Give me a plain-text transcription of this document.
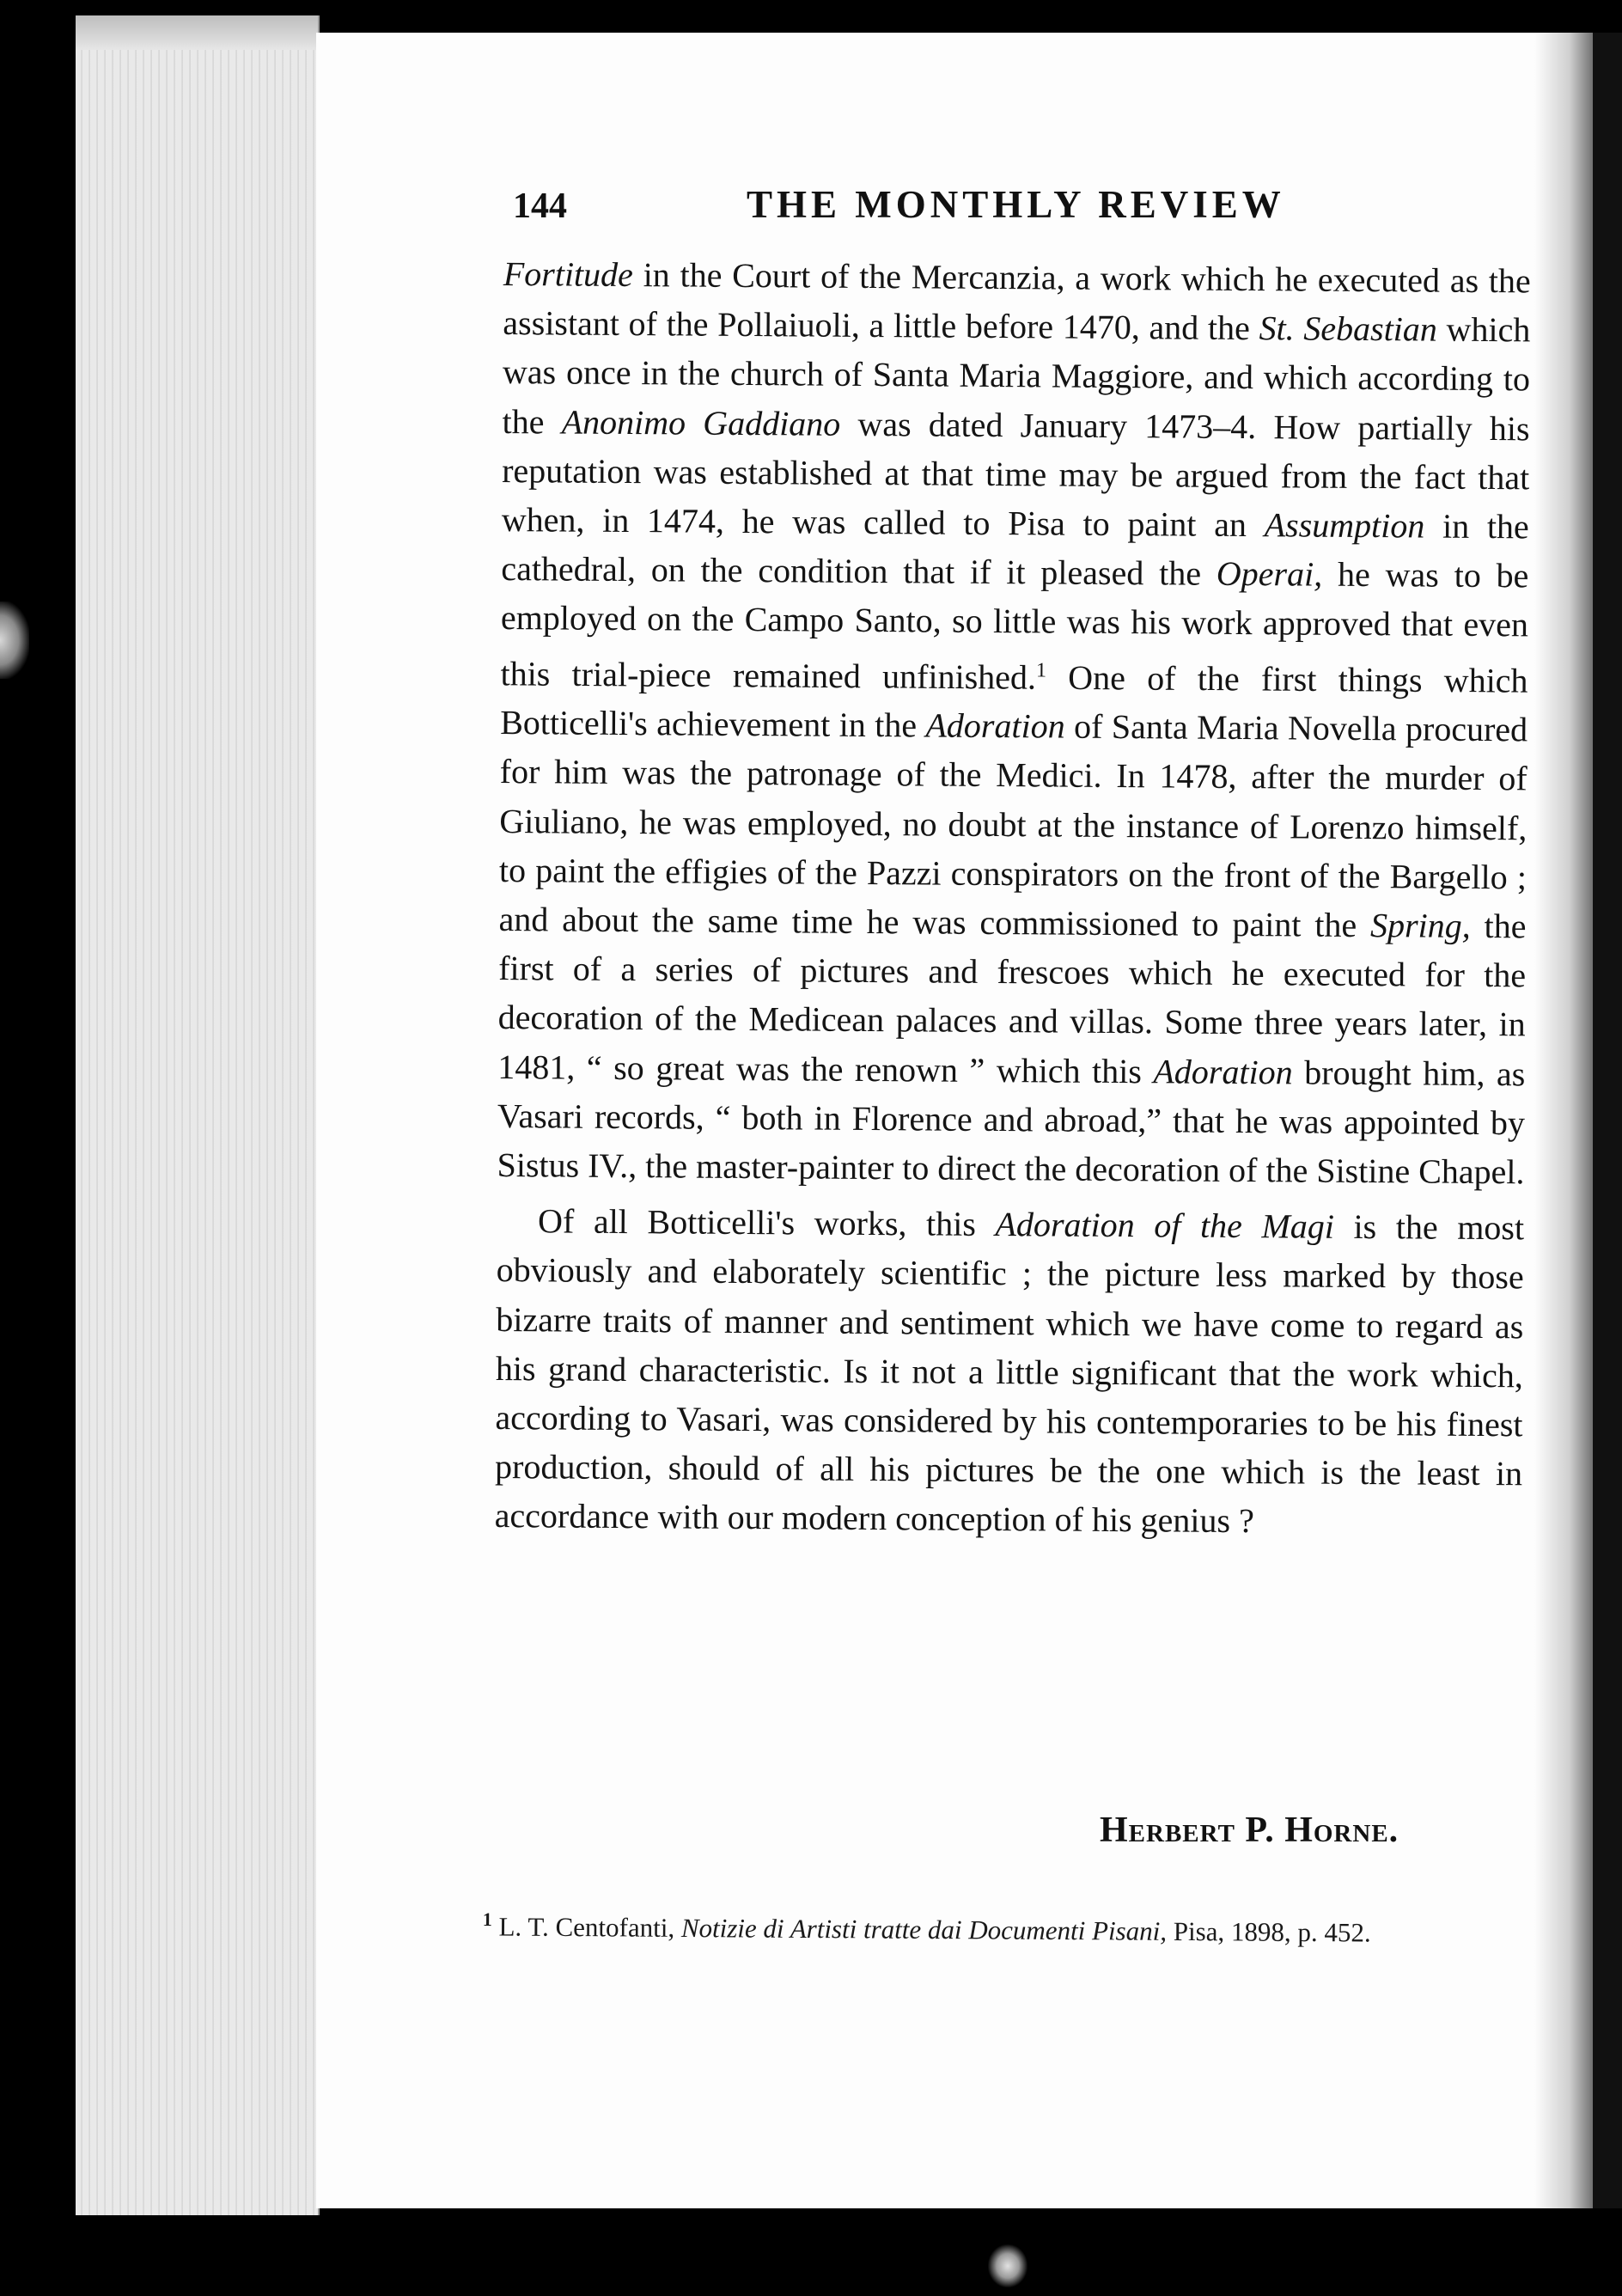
144	THE MONTHLY REVIEW

Fortitude in the Court of the Mercanzia, a work which he executed as the assistant of the Pollaiuoli, a little before 1470, and the St. Sebastian which was once in the church of Santa Maria Maggiore, and which according to the Anonimo Gaddiano was dated January 1473–4. How partially his reputation was established at that time may be argued from the fact that when, in 1474, he was called to Pisa to paint an Assumption in the cathedral, on the condition that if it pleased the Operai, he was to be employed on the Campo Santo, so little was his work approved that even this trial-piece remained unfinished.$^1$ One of the first things which Botticelli's achievement in the Adoration of Santa Maria Novella procured for him was the patronage of the Medici. In 1478, after the murder of Giuliano, he was employed, no doubt at the instance of Lorenzo himself, to paint the effigies of the Pazzi conspirators on the front of the Bargello ; and about the same time he was commissioned to paint the Spring, the first of a series of pictures and frescoes which he executed for the decoration of the Medicean palaces and villas. Some three years later, in 1481, “ so great was the renown ” which this Adoration brought him, as Vasari records, “ both in Florence and abroad,” that he was appointed by Sistus IV., the master-painter to direct the decoration of the Sistine Chapel.

Of all Botticelli's works, this Adoration of the Magi is the most obviously and elaborately scientific ; the picture less marked by those bizarre traits of manner and sentiment which we have come to regard as his grand characteristic. Is it not a little significant that the work which, according to Vasari, was considered by his contemporaries to be his finest production, should of all his pictures be the one which is the least in accordance with our modern conception of his genius ?

Herbert P. Horne.
$^1$ L. T. Centofanti, Notizie di Artisti tratte dai Documenti Pisani, Pisa, 1898, p. 452.
